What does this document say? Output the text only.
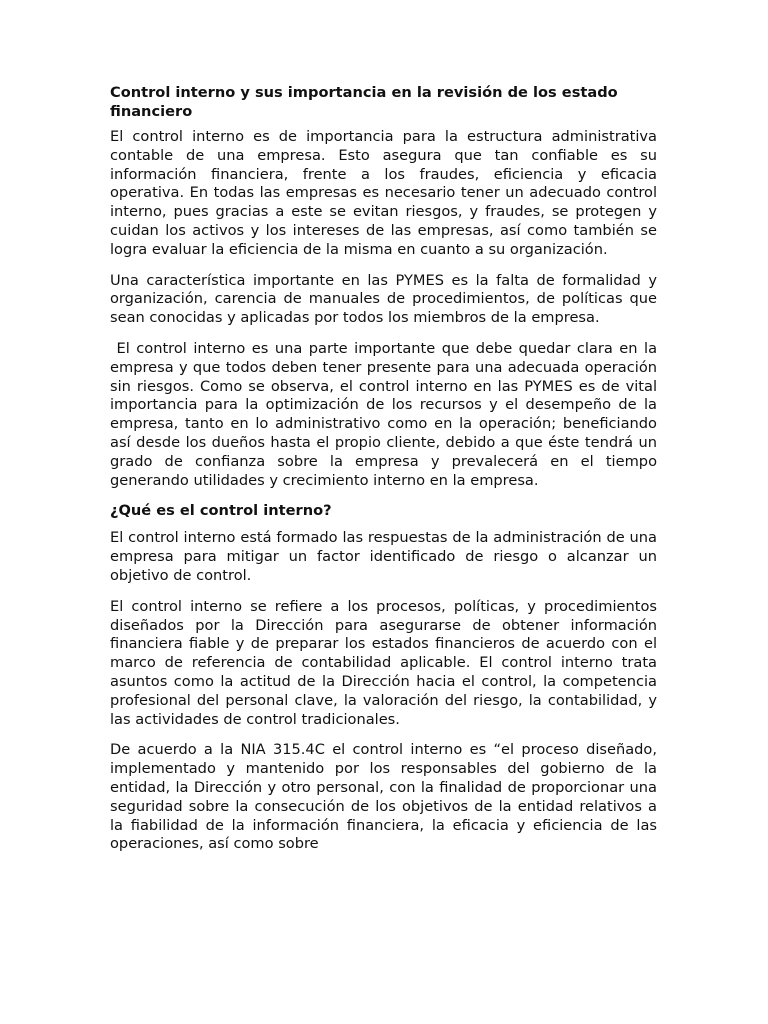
Control interno y sus importancia en la revisión de los estado financiero

El control interno es de importancia para la estructura administrativa contable de una empresa. Esto asegura que tan confiable es su información financiera, frente a los fraudes, eficiencia y eficacia operativa. En todas las empresas es necesario tener un adecuado control interno, pues gracias a este se evitan riesgos, y fraudes, se protegen y cuidan los activos y los intereses de las empresas, así como también se logra evaluar la eficiencia de la misma en cuanto a su organización.

Una característica importante en las PYMES es la falta de formalidad y organización, carencia de manuales de procedimientos, de políticas que sean conocidas y aplicadas por todos los miembros de la empresa.

El control interno es una parte importante que debe quedar clara en la empresa y que todos deben tener presente para una adecuada operación sin riesgos. Como se observa, el control interno en las PYMES es de vital importancia para la optimización de los recursos y el desempeño de la empresa, tanto en lo administrativo como en la operación; beneficiando así desde los dueños hasta el propio cliente, debido a que éste tendrá un grado de confianza sobre la empresa y prevalecerá en el tiempo generando utilidades y crecimiento interno en la empresa.

¿Qué es el control interno?

El control interno está formado las respuestas de la administración de una empresa para mitigar un factor identificado de riesgo o alcanzar un objetivo de control.

El control interno se refiere a los procesos, políticas, y procedimientos diseñados por la Dirección para asegurarse de obtener información financiera fiable y de preparar los estados financieros de acuerdo con el marco de referencia de contabilidad aplicable. El control interno trata asuntos como la actitud de la Dirección hacia el control, la competencia profesional del personal clave, la valoración del riesgo, la contabilidad, y las actividades de control tradicionales.

De acuerdo a la NIA 315.4C el control interno es “el proceso diseñado, implementado y mantenido por los responsables del gobierno de la entidad, la Dirección y otro personal, con la finalidad de proporcionar una seguridad sobre la consecución de los objetivos de la entidad relativos a la fiabilidad de la información financiera, la eficacia y eficiencia de las operaciones, así como sobre
